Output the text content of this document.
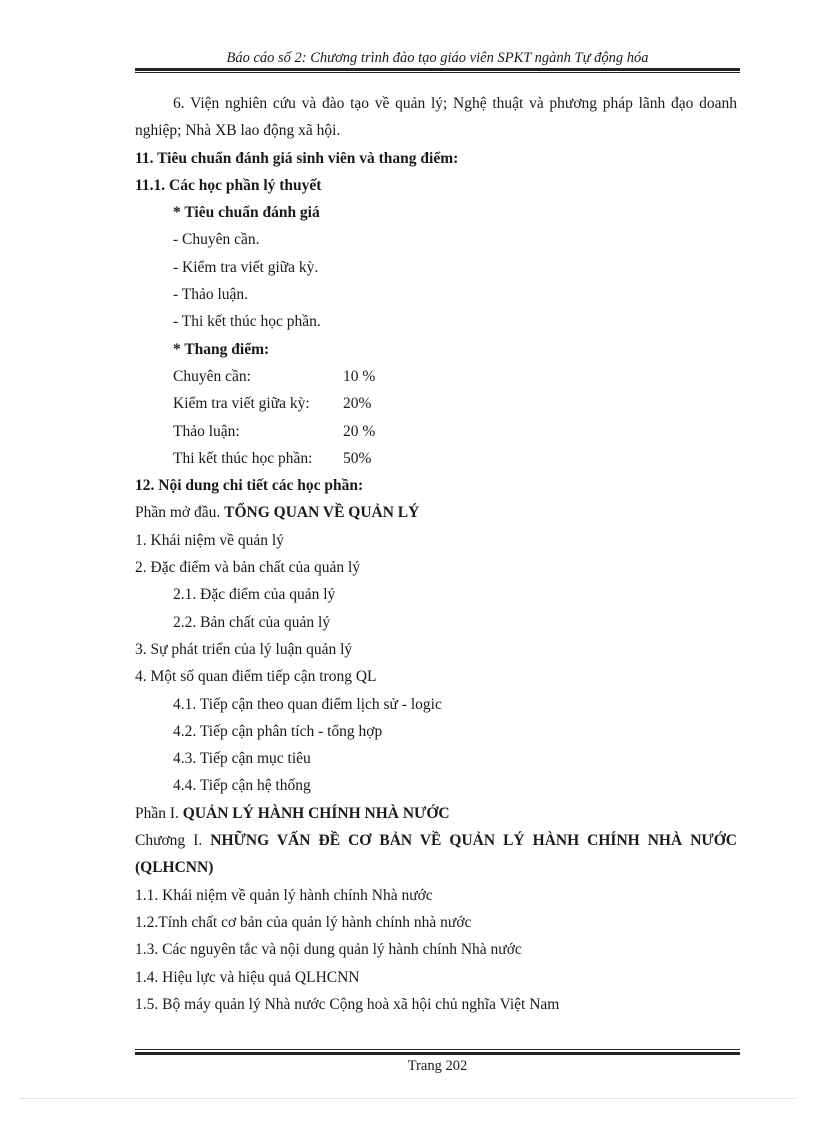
Báo cáo số 2: Chương trình đào tạo giáo viên SPKT ngành Tự động hóa
6. Viện nghiên cứu và đào tạo về quản lý; Nghệ thuật và phương pháp lãnh đạo doanh nghiệp; Nhà XB lao động xã hội.
11. Tiêu chuẩn đánh giá sinh viên và thang điểm:
11.1. Các học phần lý thuyết
* Tiêu chuẩn đánh giá
- Chuyên cần.
- Kiểm tra viết giữa kỳ.
- Thảo luận.
- Thi kết thúc học phần.
* Thang điểm:
Chuyên cần:	10 %
Kiểm tra viết giữa kỳ:	20%
Thảo luận:	20 %
Thi kết thúc học phần:	50%
12. Nội dung chi tiết các học phần:
Phần mở đầu. TỔNG QUAN VỀ QUẢN LÝ
1. Khái niệm về quản lý
2. Đặc điểm và bản chất của quản lý
2.1. Đặc điểm của quản lý
2.2. Bản chất của quản lý
3. Sự phát triển của lý luận quản lý
4. Một số quan điểm tiếp cận trong QL
4.1. Tiếp cận theo quan điểm lịch sử - logic
4.2. Tiếp cận phân tích - tổng hợp
4.3. Tiếp cận mục tiêu
4.4. Tiếp cận hệ thống
Phần I. QUẢN LÝ HÀNH CHÍNH NHÀ NƯỚC
Chương I. NHỮNG VẤN ĐỀ CƠ BẢN VỀ QUẢN LÝ HÀNH CHÍNH NHÀ NƯỚC (QLHCNN)
1.1. Khái niệm về quản lý hành chính Nhà nước
1.2.Tính chất cơ bản của quản lý hành chính nhà nước
1.3. Các nguyên tắc và nội dung quản lý hành chính Nhà nước
1.4. Hiệu lực và hiệu quả QLHCNN
1.5. Bộ máy quản lý Nhà nước Cộng hoà xã hội chủ nghĩa Việt Nam
Trang 202
